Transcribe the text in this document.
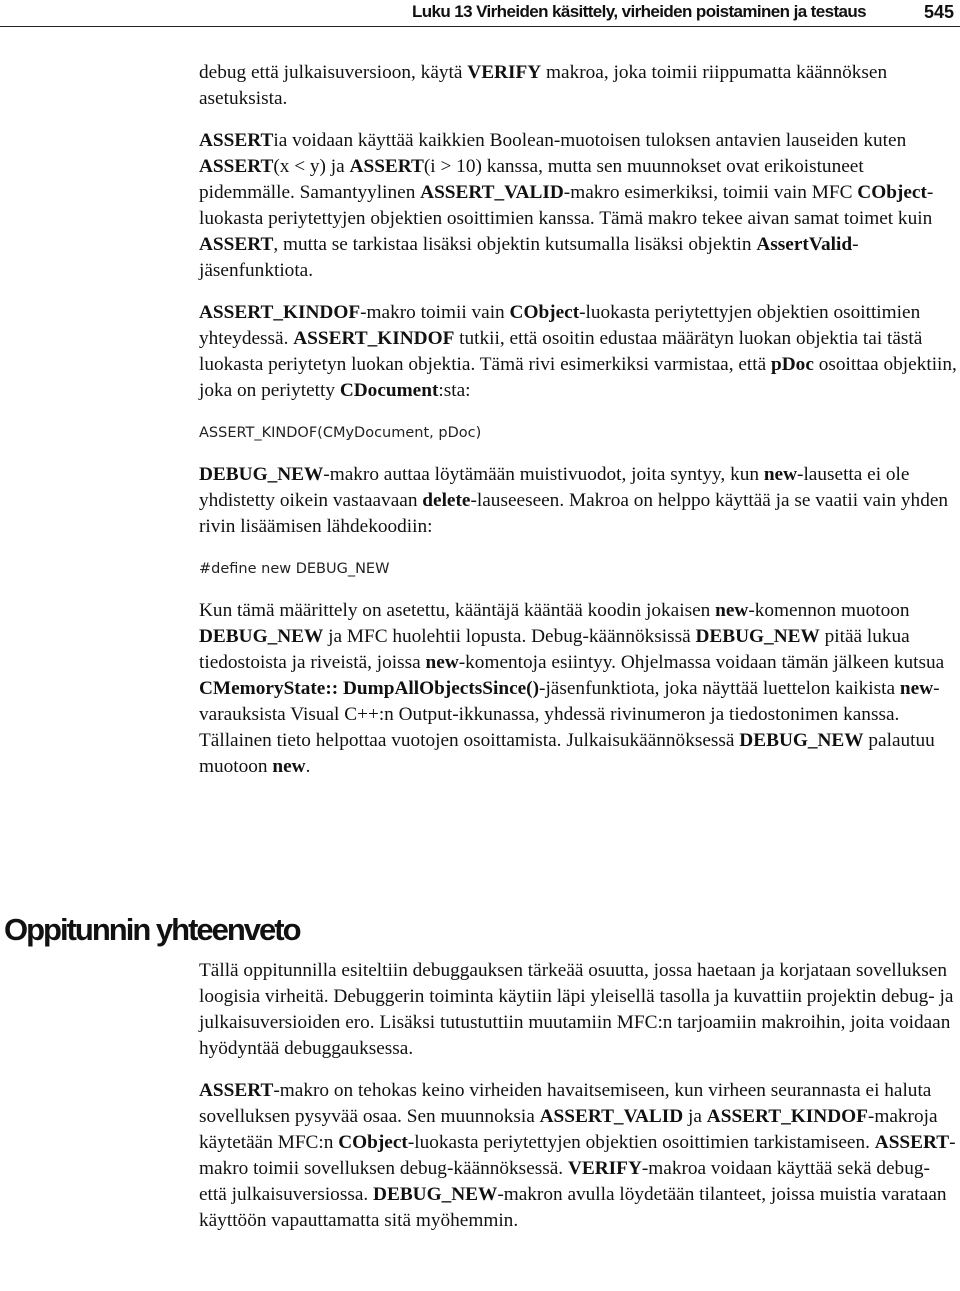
Luku 13 Virheiden käsittely, virheiden poistaminen ja testaus	545

debug että julkaisuversioon, käytä VERIFY makroa, joka toimii riippumatta käännöksen asetuksista.

ASSERTia voidaan käyttää kaikkien Boolean-muotoisen tuloksen antavien lauseiden kuten ASSERT(x < y) ja ASSERT(i > 10) kanssa, mutta sen muunnokset ovat erikoistuneet pidemmälle. Samantyylinen ASSERT_VALID-makro esimerkiksi, toimii vain MFC CObject-luokasta periytettyjen objektien osoittimien kanssa. Tämä makro tekee aivan samat toimet kuin ASSERT, mutta se tarkistaa lisäksi objektin kutsumalla lisäksi objektin AssertValid-jäsenfunktiota.

ASSERT_KINDOF-makro toimii vain CObject-luokasta periytettyjen objektien osoittimien yhteydessä. ASSERT_KINDOF tutkii, että osoitin edustaa määrätyn luokan objektia tai tästä luokasta periytetyn luokan objektia. Tämä rivi esimerkiksi varmistaa, että pDoc osoittaa objektiin, joka on periytetty CDocument:sta:

ASSERT_KINDOF(CMyDocument, pDoc)

DEBUG_NEW-makro auttaa löytämään muistivuodot, joita syntyy, kun new-lausetta ei ole yhdistetty oikein vastaavaan delete-lauseeseen. Makroa on helppo käyttää ja se vaatii vain yhden rivin lisäämisen lähdekoodiin:

#define new DEBUG_NEW

Kun tämä määrittely on asetettu, kääntäjä kääntää koodin jokaisen new-komennon muotoon DEBUG_NEW ja MFC huolehtii lopusta. Debug-käännöksissä DEBUG_NEW pitää lukua tiedostoista ja riveistä, joissa new-komentoja esiintyy. Ohjelmassa voidaan tämän jälkeen kutsua CMemoryState:: DumpAllObjectsSince()-jäsenfunktiota, joka näyttää luettelon kaikista new-varauksista Visual C++:n Output-ikkunassa, yhdessä rivinumeron ja tiedostonimen kanssa. Tällainen tieto helpottaa vuotojen osoittamista. Julkaisukäännöksessä DEBUG_NEW palautuu muotoon new.

Oppitunnin yhteenveto

Tällä oppitunnilla esiteltiin debuggauksen tärkeää osuutta, jossa haetaan ja korjataan sovelluksen loogisia virheitä. Debuggerin toiminta käytiin läpi yleisellä tasolla ja kuvattiin projektin debug- ja julkaisuversioiden ero. Lisäksi tutustuttiin muutamiin MFC:n tarjoamiin makroihin, joita voidaan hyödyntää debuggauksessa.

ASSERT-makro on tehokas keino virheiden havaitsemiseen, kun virheen seurannasta ei haluta sovelluksen pysyvää osaa. Sen muunnoksia ASSERT_VALID ja ASSERT_KINDOF-makroja käytetään MFC:n CObject-luokasta periytettyjen objektien osoittimien tarkistamiseen. ASSERT-makro toimii sovelluksen debug-käännöksessä. VERIFY-makroa voidaan käyttää sekä debug- että julkaisuversiossa. DEBUG_NEW-makron avulla löydetään tilanteet, joissa muistia varataan käyttöön vapauttamatta sitä myöhemmin.
